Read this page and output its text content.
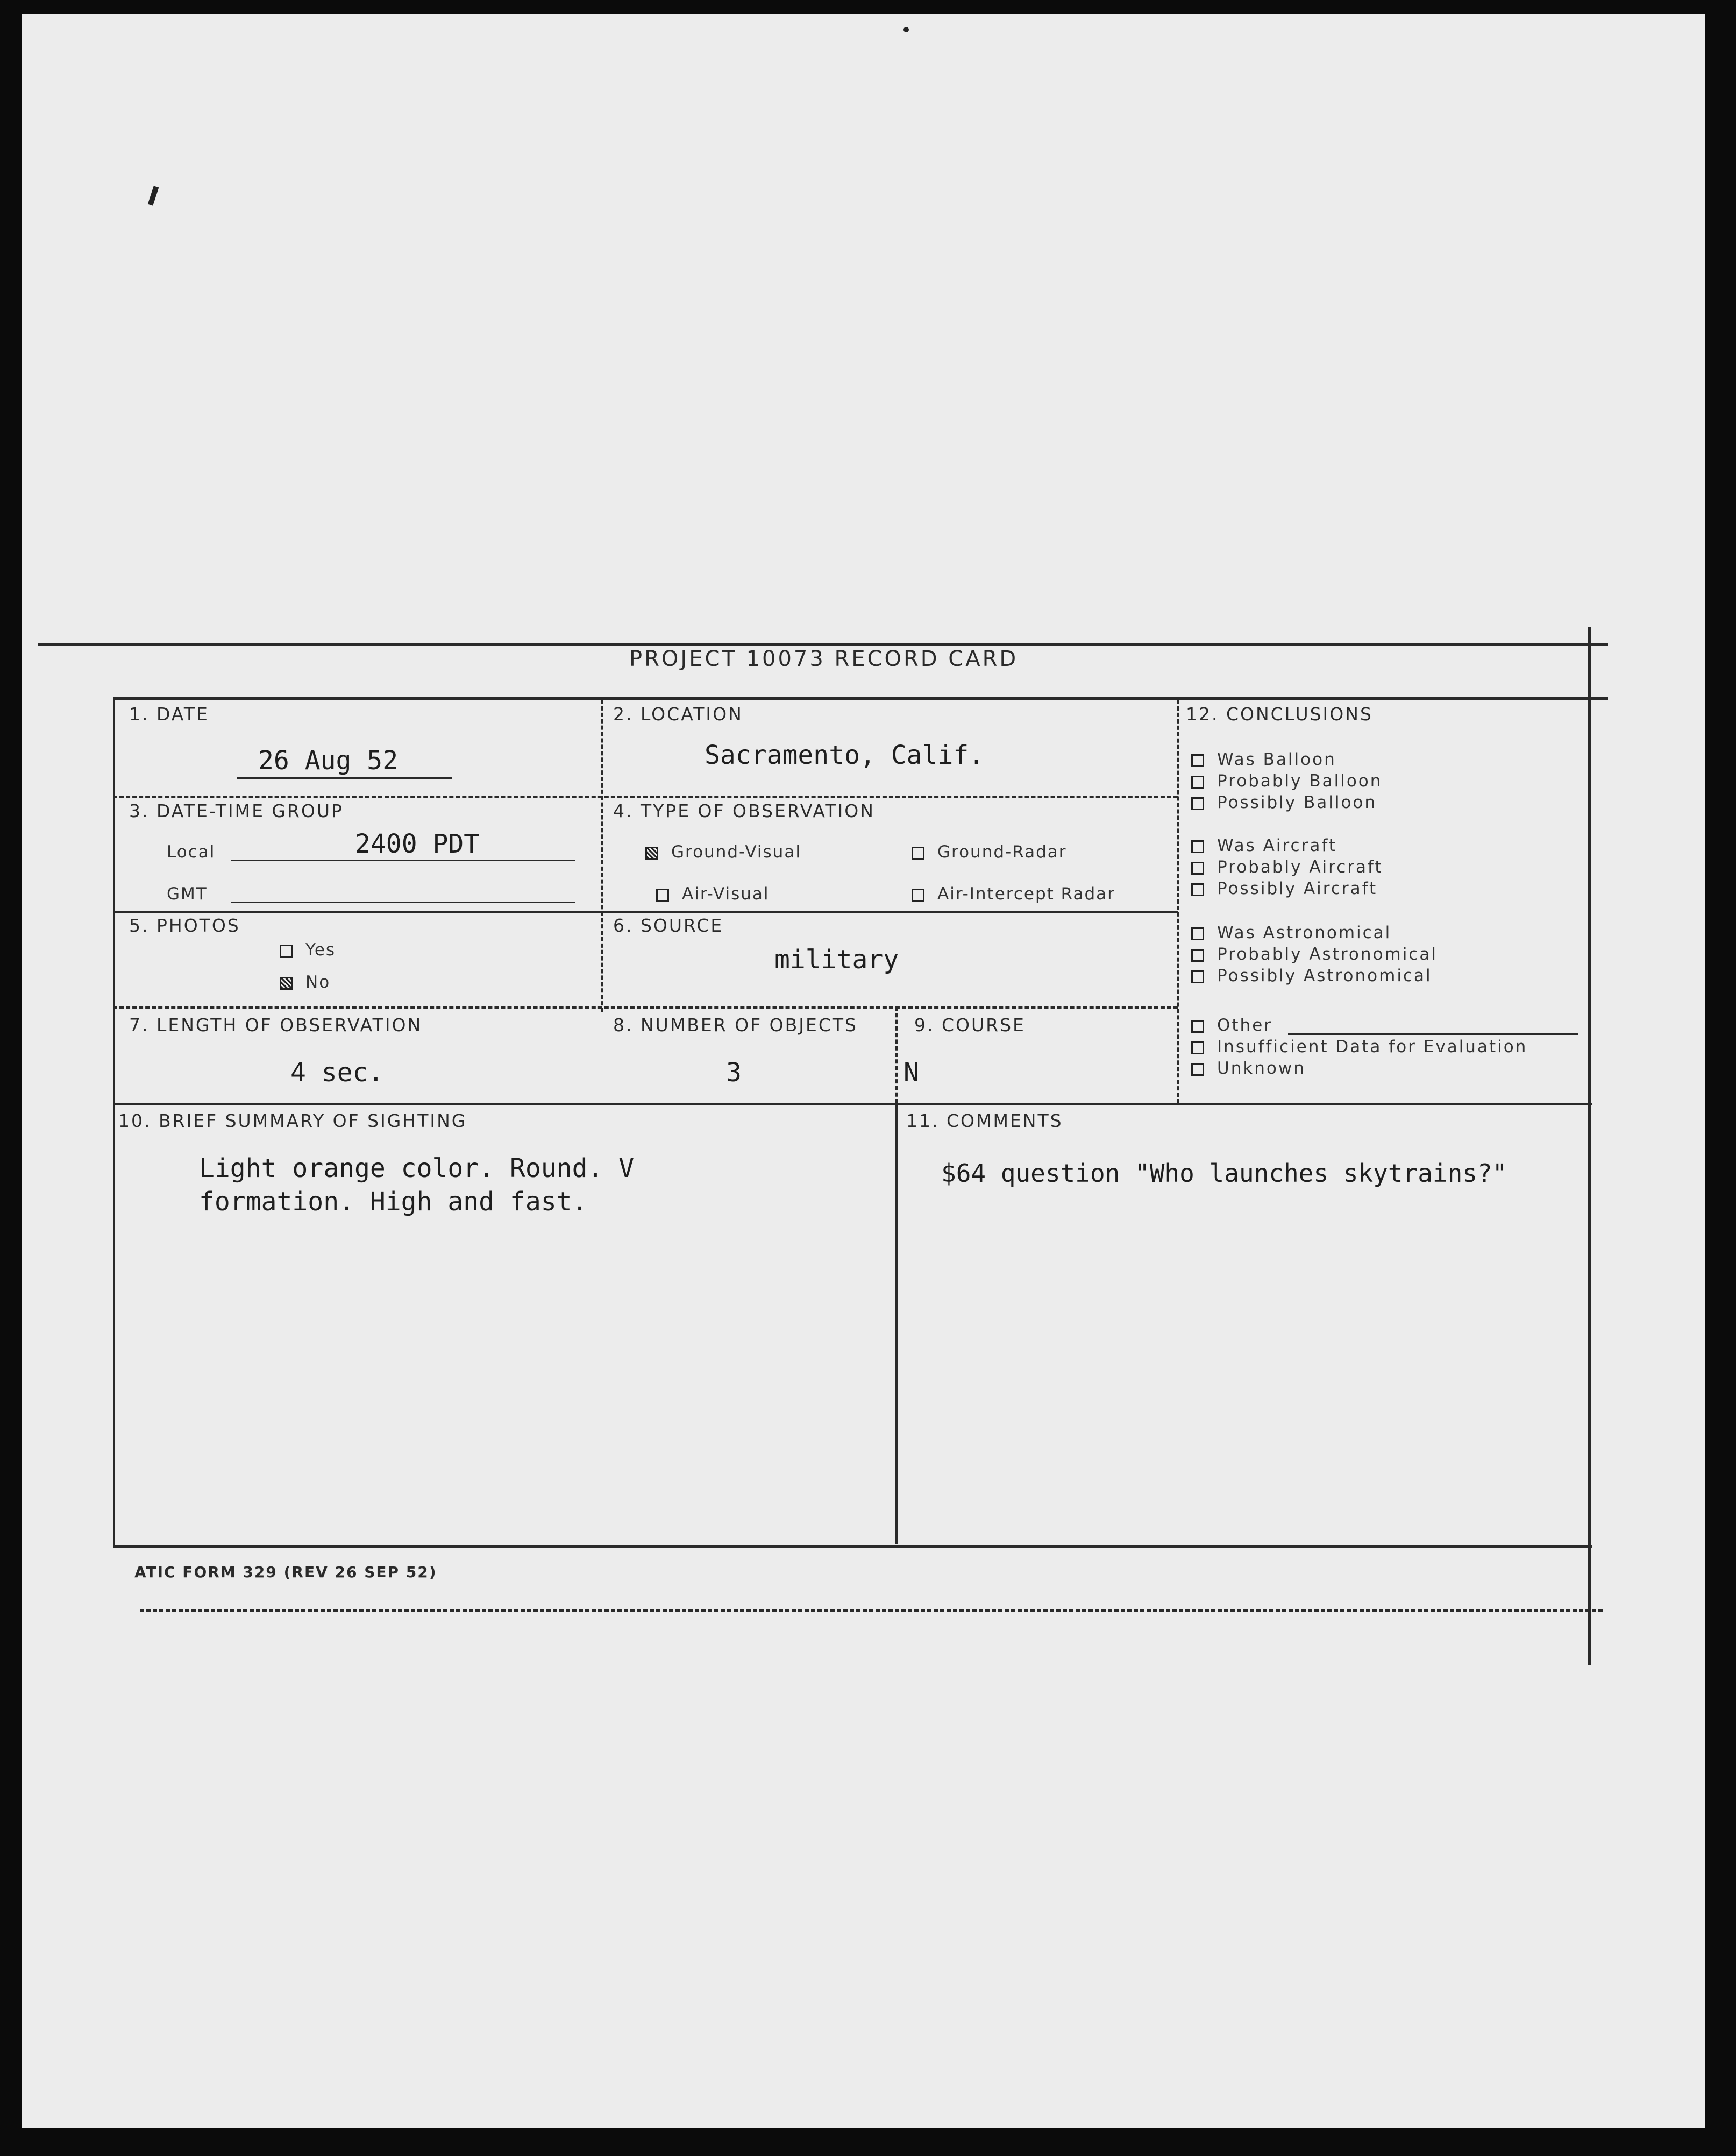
PROJECT 10073 RECORD CARD
1. DATE
26 Aug 52
2. LOCATION
Sacramento, Calif.
3. DATE-TIME GROUP
Local	2400 PDT
GMT
4. TYPE OF OBSERVATION
Ground-Visual	Ground-Radar
Air-Visual	Air-Intercept Radar
5. PHOTOS
Yes
No
6. SOURCE
military
7. LENGTH OF OBSERVATION
4 sec.
8. NUMBER OF OBJECTS
3
9. COURSE
N
10. BRIEF SUMMARY OF SIGHTING
Light orange color. Round. V
formation. High and fast.
11. COMMENTS
$64 question "Who launches skytrains?"
12. CONCLUSIONS
Was Balloon
Probably Balloon
Possibly Balloon
Was Aircraft
Probably Aircraft
Possibly Aircraft
Was Astronomical
Probably Astronomical
Possibly Astronomical
Other
Insufficient Data for Evaluation
Unknown
ATIC FORM 329 (REV 26 SEP 52)
